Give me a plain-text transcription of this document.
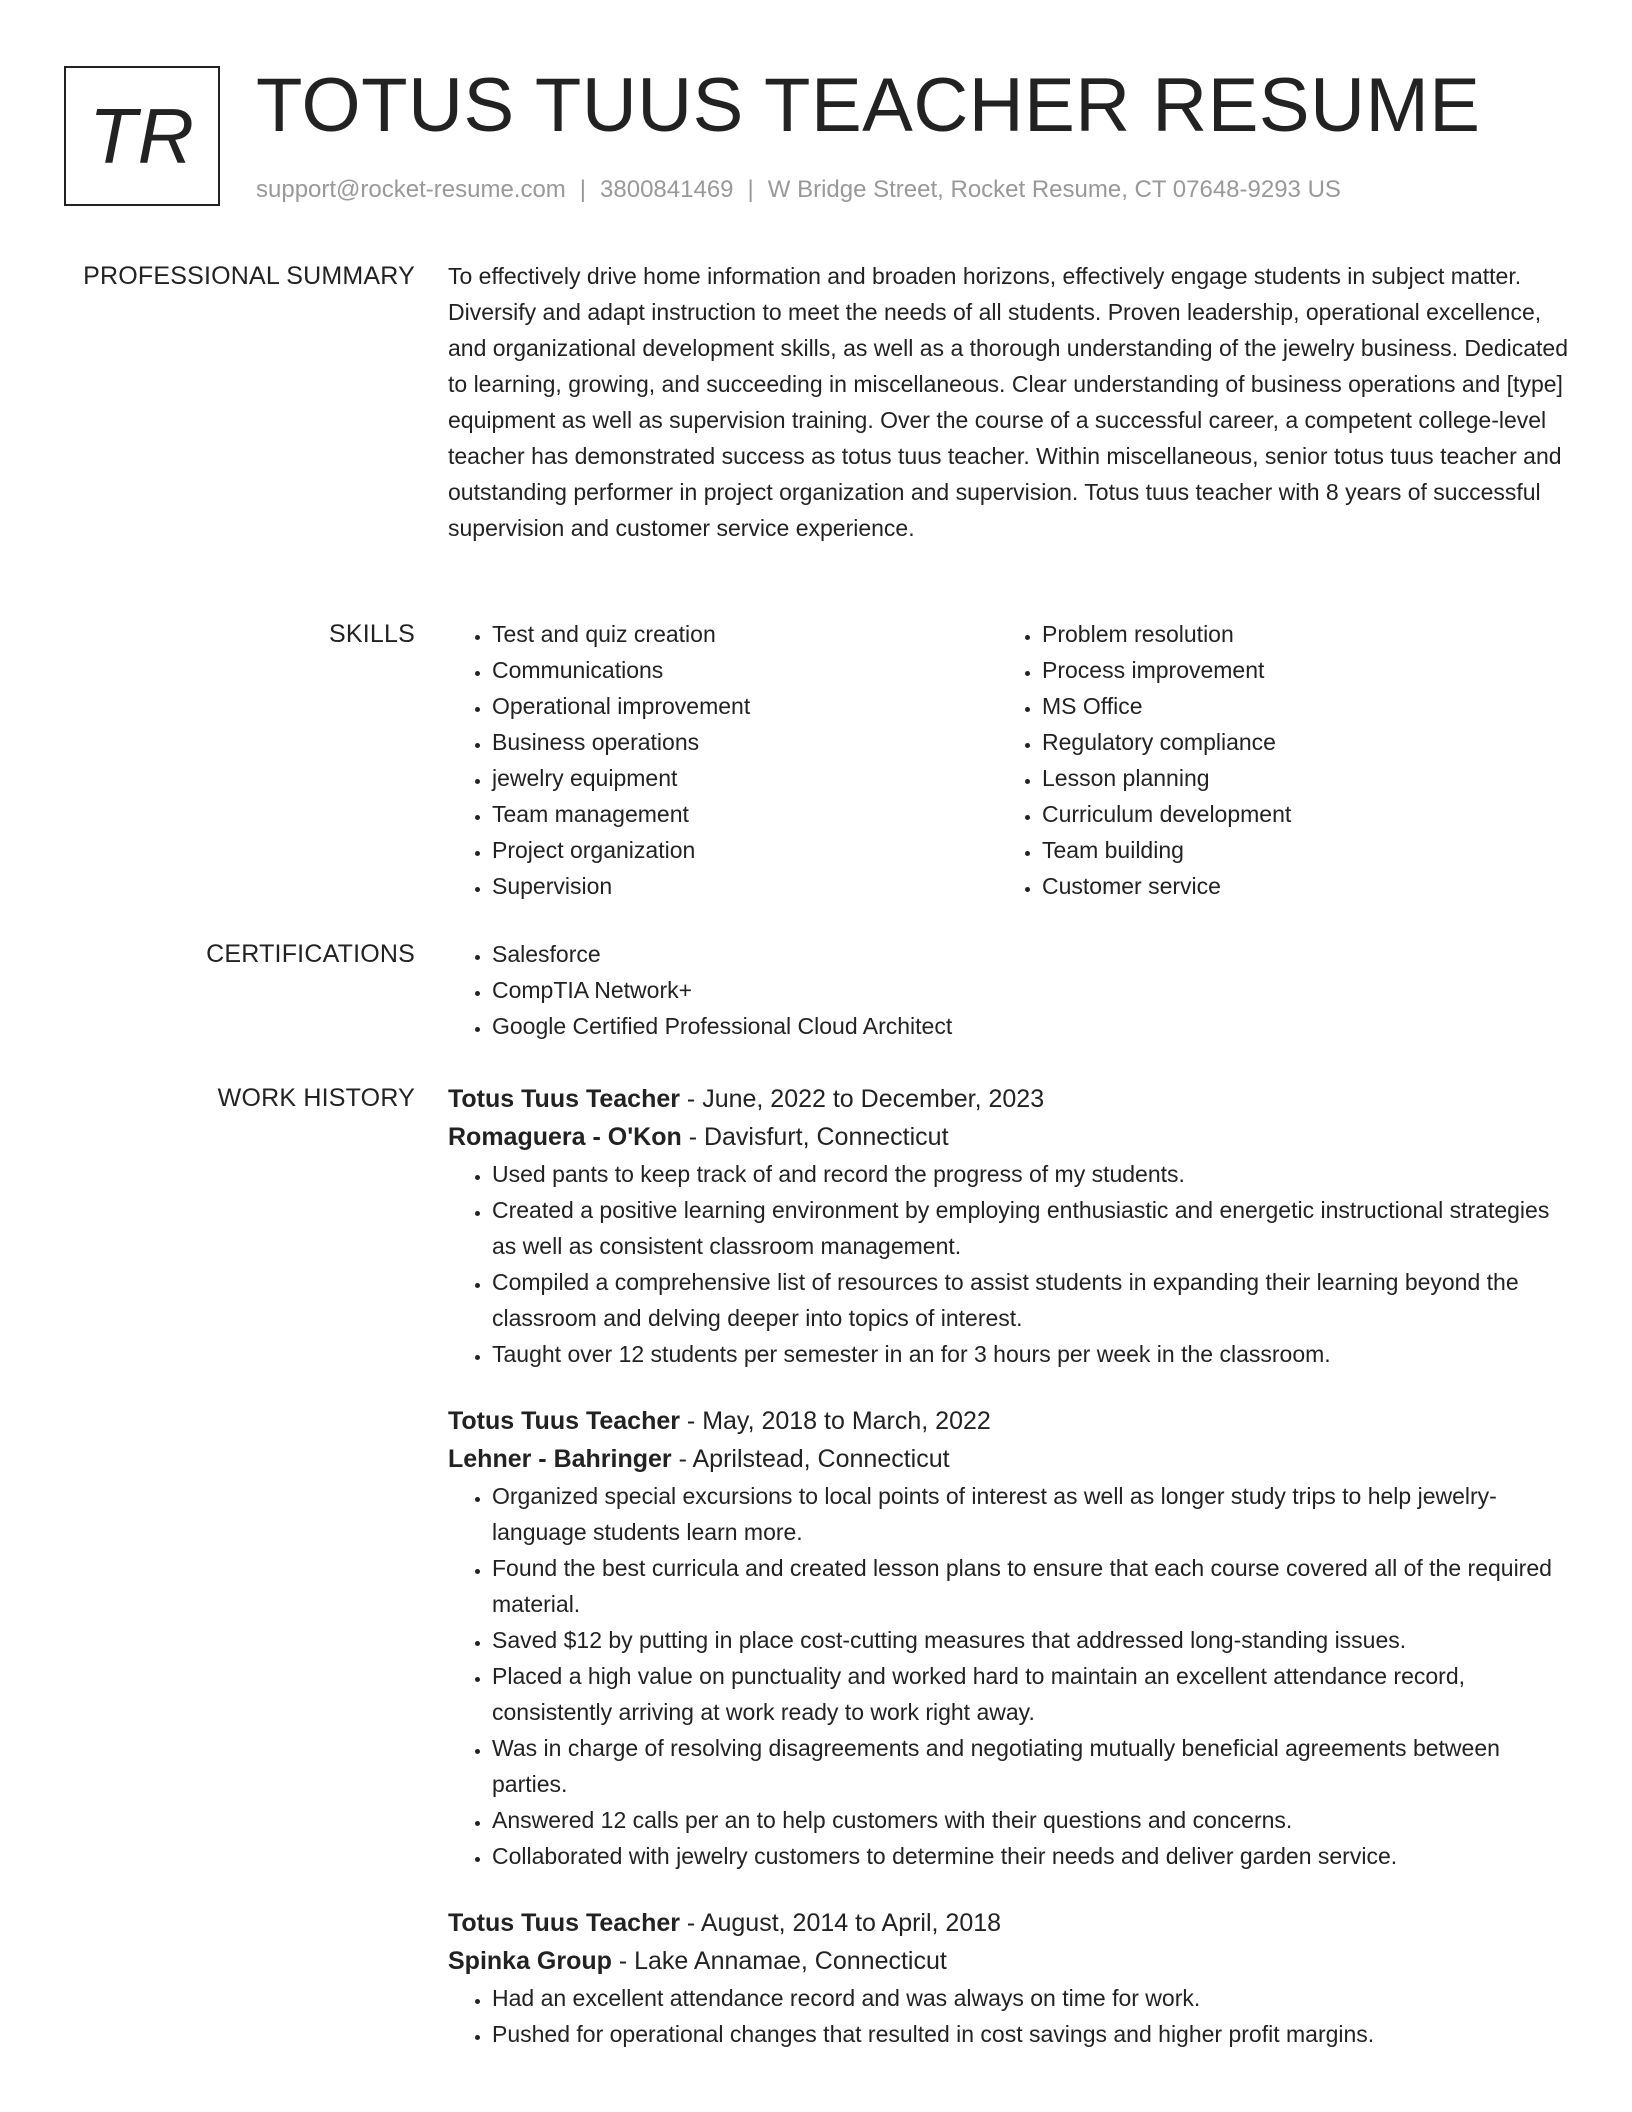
TR TOTUS TUUS TEACHER RESUME
support@rocket-resume.com | 3800841469 | W Bridge Street, Rocket Resume, CT 07648-9293 US
PROFESSIONAL SUMMARY To effectively drive home information and broaden horizons, effectively engage students in subject matter. Diversify and adapt instruction to meet the needs of all students. Proven leadership, operational excellence, and organizational development skills, as well as a thorough understanding of the jewelry business. Dedicated to learning, growing, and succeeding in miscellaneous. Clear understanding of business operations and [type] equipment as well as supervision training. Over the course of a successful career, a competent college-level teacher has demonstrated success as totus tuus teacher. Within miscellaneous, senior totus tuus teacher and outstanding performer in project organization and supervision. Totus tuus teacher with 8 years of successful supervision and customer service experience.

SKILLS	• Test and quiz creation
• Communications
• Operational improvement
• Business operations
• jewelry equipment
• Team management
• Project organization
• Supervision
• Problem resolution
• Process improvement
• MS Office
• Regulatory compliance
• Lesson planning
• Curriculum development
• Team building
• Customer service
CERTIFICATIONS	• Salesforce
• CompTIA Network+
• Google Certified Professional Cloud Architect
WORK HISTORY Totus Tuus Teacher - June, 2022 to December, 2023
Romaguera - O'Kon - Davisfurt, Connecticut
• Used pants to keep track of and record the progress of my students.
• Created a positive learning environment by employing enthusiastic and energetic instructional strategies as well as consistent classroom management.
• Compiled a comprehensive list of resources to assist students in expanding their learning beyond the classroom and delving deeper into topics of interest.
• Taught over 12 students per semester in an for 3 hours per week in the classroom.
Totus Tuus Teacher - May, 2018 to March, 2022
Lehner - Bahringer - Aprilstead, Connecticut
• Organized special excursions to local points of interest as well as longer study trips to help jewelry-language students learn more.
• Found the best curricula and created lesson plans to ensure that each course covered all of the required material.
• Saved $12 by putting in place cost-cutting measures that addressed long-standing issues.
• Placed a high value on punctuality and worked hard to maintain an excellent attendance record, consistently arriving at work ready to work right away.
• Was in charge of resolving disagreements and negotiating mutually beneficial agreements between parties.
• Answered 12 calls per an to help customers with their questions and concerns.
• Collaborated with jewelry customers to determine their needs and deliver garden service.
Totus Tuus Teacher - August, 2014 to April, 2018
Spinka Group - Lake Annamae, Connecticut
• Had an excellent attendance record and was always on time for work.
• Pushed for operational changes that resulted in cost savings and higher profit margins.
